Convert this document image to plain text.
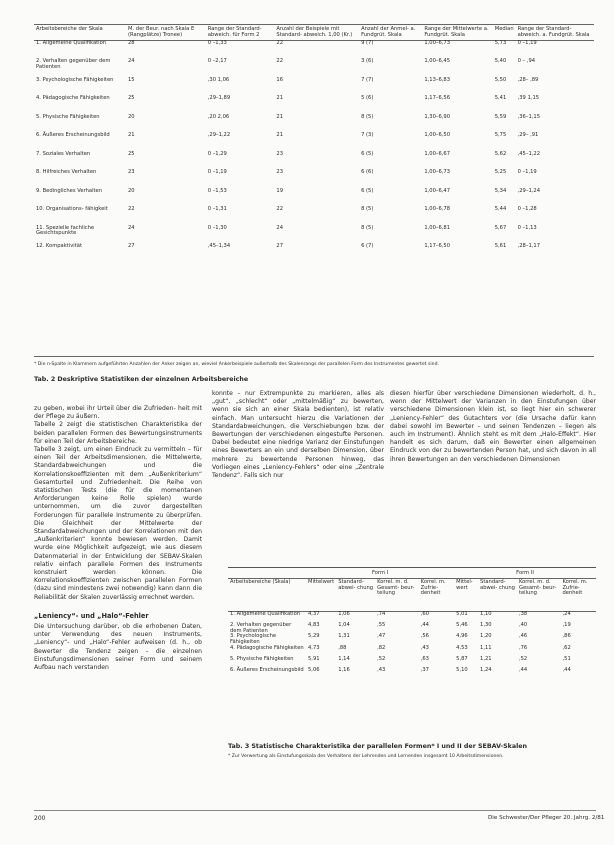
Arbeitsbereiche der Skala	M. der Beur. nach Skala E (Rangplätze) Tronee)	Range der Standard- abweich. für Form 2	Anzahl der Beispiele mit Standard- abweich. 1,00 (Kr.)	Anzahl der Anmel- a. Fundgrüt. Skala	Range der Mittelwerte a. Fundgrüt. Skala	Median	Range der Standard- abweich. a. Fundgrüt. Skala
1. Allgemeine Qualifikation	28	0 –1,33	22	9 (7)	1,00–6,73	5,73	0 –1,19
2. Verhalten gegenüber dem Patienten	24	0 –2,17	22	3 (6)	1,00–6,45	5,40	0 – ,94
3. Psychologische Fähigkeiten	15	,30 1,06	16	7 (7)	1,13–6,83	5,50	,28– ,89
4. Pädagogische Fähigkeiten	25	,29–1,89	21	5 (6)	1,17–6,56	5,41	,39 1,15
5. Physische Fähigkeiten	20	,20 2,06	21	8 (5)	1,30–6,90	5,59	,36–1,15
6. Äußeres Erscheinungsbild	21	,29–1,22	21	7 (3)	1,00–6,50	5,75	,29– ,91
7. Soziales Verhalten	25	0 –1,29	23	6 (5)	1,00–6,67	5,62	,45–1,22
8. Hilfreiches Verhalten	23	0 –1,19	23	6 (6)	1,00–6,73	5,25	0 –1,19
9. Bedingliches Verhalten	20	0 –1,53	19	6 (5)	1,00–6,47	5,34	,29–1,24
10. Organisations- fähigkeit	22	0 –1,31	22	8 (5)	1,00–6,78	5,44	0 –1,28
11. Spezielle fachliche Gesichtspunkte	24	0 –1,30	24	8 (5)	1,00–6,81	5,67	0 –1,13
12. Kompaktivität	27	,45–1,34	27	6 (7)	1,17–6,50	5,61	,28–1,17
* Die n-Spalte in Klammern aufgeführten Anzahlen der Anker zeigen an, wieviel Ankerbeispiele außerhalb des Skalenrangs der parallelen Form des Instrumentes gewertet sind.
Tab. 2 Deskriptive Statistiken der einzelnen Arbeitsbereiche

zu geben, wobei ihr Urteil über die Zufrieden- heit mit der Pflege zu äußern.

Tabelle 2 zeigt die statistischen Charakteristika der beiden parallelen Formen des Bewertungsinstruments für einen Teil der Arbeitsbereiche.

Tabelle 3 zeigt, um einen Eindruck zu vermitteln – für einen Teil der Arbeitsdimensionen, die Mittelwerte, Standardabweichungen und die Korrelationskoeffizienten mit dem „Außenkriterium“ Gesamturteil und Zufriedenheit. Die Reihe von statistischen Tests (die für die momentanen Anforderungen keine Rolle spielen) wurde unternommen, um die zuvor dargestellten Forderungen für parallele Instrumente zu überprüfen. Die Gleichheit der Mittelwerte der Standardabweichungen und der Korrelationen mit den „Außenkriterien“ konnte bewiesen werden. Damit wurde eine Möglichkeit aufgezeigt, wie aus diesem Datenmaterial in der Entwicklung der SEBAV-Skalen relativ einfach parallele Formen des Instruments konstruiert werden können. Die Korrelationskoeffizienten zwischen parallelen Formen (dazu sind mindestens zwei notwendig) kann dann die Reliabilität der Skalen zuverlässig errechnet werden.

„Leniency“- und „Halo“-Fehler

Die Untersuchung darüber, ob die erhobenen Daten, unter Verwendung des neuen Instruments, „Leniency“- und „Halo“-Fehler aufweisen (d. h., ob Bewerter die Tendenz zeigen – die einzelnen Einstufungsdimensionen seiner Form und seinem Aufbau nach verstanden

konnte – nur Extrempunkte zu markieren, alles als „gut“, „schlecht“ oder „mittelmäßig“ zu bewerten, wenn sie sich an einer Skala bedienten), ist relativ einfach. Man untersucht hierzu die Variationen der Standardabweichungen, die Verschiebungen bzw. der Bewertungen der verschiedenen eingestufte Personen. Dabei bedeutet eine niedrige Varianz der Einstufungen eines Bewerters an ein und derselben Dimension, über mehrere zu bewertende Personen hinweg, das Vorliegen eines „Leniency-Fehlers“ oder eine „Zentrale Tendenz“. Falls sich nur

diesen hierfür über verschiedene Dimensionen wiederholt, d. h., wenn der Mittelwert der Varianzen in den Einstufungen über verschiedene Dimensionen klein ist, so liegt hier ein schwerer „Leniency-Fehler“ des Gutachters vor (die Ursache dafür kann dabei sowohl im Bewerter – und seinen Tendenzen – liegen als auch im Instrument). Ähnlich steht es mit dem „Halo-Effekt“. Hier handelt es sich darum, daß ein Bewerter einen allgemeinen Eindruck von der zu bewertenden Person hat, und sich davon in all ihren Bewertungen an den verschiedenen Dimensionen

	Form I				Form II			
Arbeitsbereiche (Skala)	Mittelwert	Standard- abwei- chung	Korrel. m. d. Gesamt- beur- teilung	Korrel. m. Zufrie- denheit	Mittel- wert	Standard- abwei- chung	Korrel. m. d. Gesamt- beur- teilung	Korrel. m. Zufrie- denheit
1. Allgemeine Qualifikation	4,37	1,06	,74	,60	5,01	1,10	,38	,24
2. Verhalten gegenüber dem Patienten	4,83	1,04	,55	,44	5,46	1,30	,40	,19
3. Psychologische Fähigkeiten	5,29	1,31	,47	,56	4,96	1,20	,46	,86
4. Pädagogische Fähigkeiten	4,73	,88	,82	,43	4,53	1,11	,76	,62
5. Physische Fähigkeiten	5,91	1,14	,52	,63	5,87	1,21	,52	,51
6. Äußeres Erscheinungsbild	5,06	1,16	,43	,37	5,10	1,24	,44	,44
Tab. 3 Statistische Charakteristika der parallelen Formen* I und II der SEBAV-Skalen
* Zur Verwertung als Einstufungsskala des Verhaltens der Lehrenden und Lernenden insgesamt 10 Arbeitsdimensionen.
200	Die Schwester/Der Pfleger 20. Jahrg. 2/81
